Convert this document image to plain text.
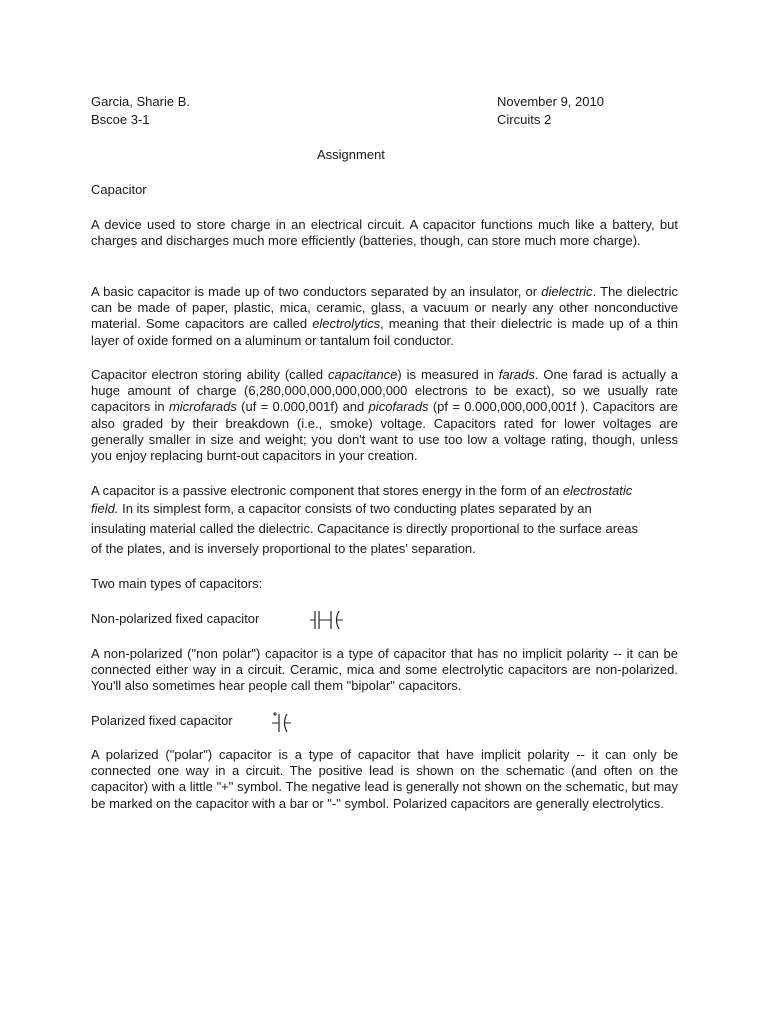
Garcia, Sharie B.
Bscoe 3-1
November 9, 2010
Circuits 2
Assignment
Capacitor

A device used to store charge in an electrical circuit. A capacitor functions much like a battery, but charges and discharges much more efficiently (batteries, though, can store much more charge).

A basic capacitor is made up of two conductors separated by an insulator, or dielectric. The dielectric can be made of paper, plastic, mica, ceramic, glass, a vacuum or nearly any other nonconductive material. Some capacitors are called electrolytics, meaning that their dielectric is made up of a thin layer of oxide formed on a aluminum or tantalum foil conductor.

Capacitor electron storing ability (called capacitance) is measured in farads. One farad is actually a huge amount of charge (6,280,000,000,000,000,000 electrons to be exact), so we usually rate capacitors in microfarads (uf = 0.000,001f) and picofarads (pf = 0.000,000,000,001f ). Capacitors are also graded by their breakdown (i.e., smoke) voltage. Capacitors rated for lower voltages are generally smaller in size and weight; you don't want to use too low a voltage rating, though, unless you enjoy replacing burnt-out capacitors in your creation.

A capacitor is a passive electronic component that stores energy in the form of an electrostatic
field. In its simplest form, a capacitor consists of two conducting plates separated by an
insulating material called the dielectric. Capacitance is directly proportional to the surface areas
of the plates, and is inversely proportional to the plates' separation.
Two main types of capacitors:
Non-polarized fixed capacitor

A non-polarized ("non polar") capacitor is a type of capacitor that has no implicit polarity -- it can be connected either way in a circuit. Ceramic, mica and some electrolytic capacitors are non-polarized. You'll also sometimes hear people call them "bipolar" capacitors.

Polarized fixed capacitor

A polarized ("polar") capacitor is a type of capacitor that have implicit polarity -- it can only be connected one way in a circuit. The positive lead is shown on the schematic (and often on the capacitor) with a little "+" symbol. The negative lead is generally not shown on the schematic, but may be marked on the capacitor with a bar or "-" symbol. Polarized capacitors are generally electrolytics.
